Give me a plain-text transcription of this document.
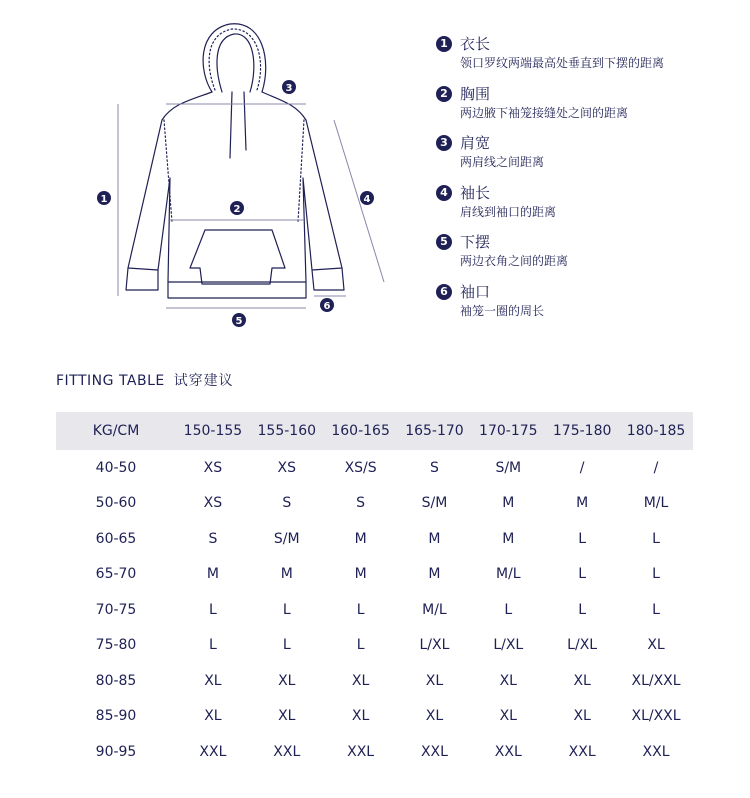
1
2
3
4
5
6
1 衣长
领口罗纹两端最高处垂直到下摆的距离
2 胸围
两边腋下袖笼接缝处之间的距离
3 肩宽
两肩线之间距离
4 袖长
肩线到袖口的距离
5 下摆
两边衣角之间的距离
6 袖口
袖笼一圈的周长
FITTING TABLE 试穿建议
KG/CM	150-155	155-160	160-165	165-170	170-175	175-180	180-185
40-50	XS	XS	XS/S	S	S/M	/	/
50-60	XS	S	S	S/M	M	M	M/L
60-65	S	S/M	M	M	M	L	L
65-70	M	M	M	M	M/L	L	L
70-75	L	L	L	M/L	L	L	L
75-80	L	L	L	L/XL	L/XL	L/XL	XL
80-85	XL	XL	XL	XL	XL	XL	XL/XXL
85-90	XL	XL	XL	XL	XL	XL	XL/XXL
90-95	XXL	XXL	XXL	XXL	XXL	XXL	XXL
